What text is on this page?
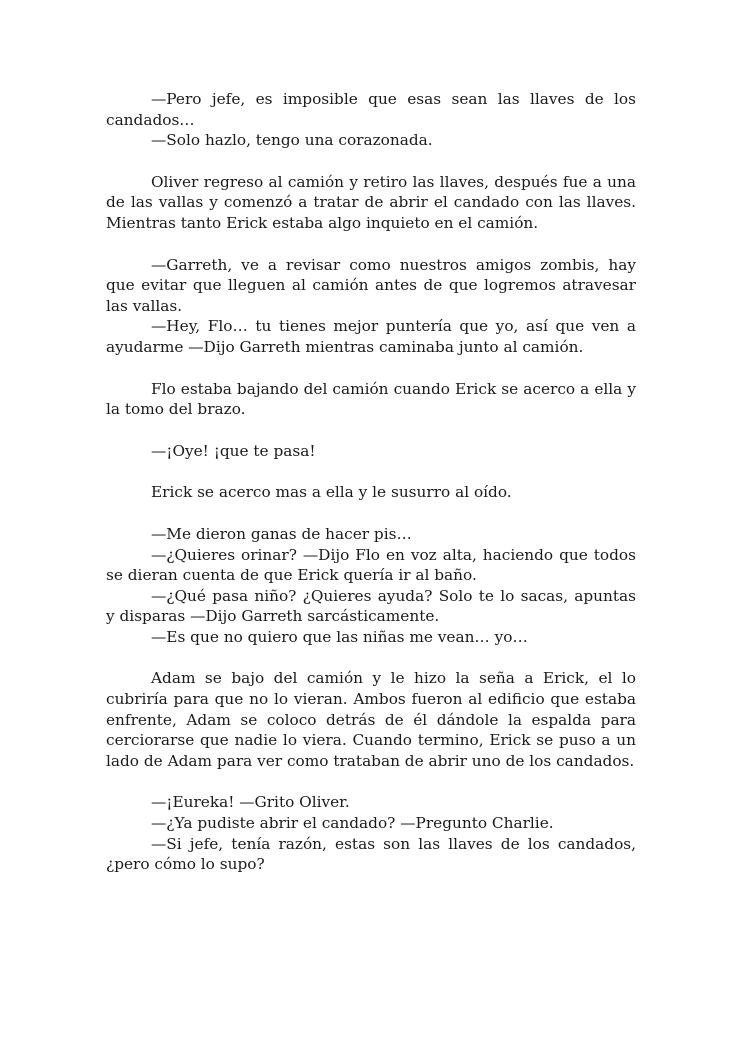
—Pero jefe, es imposible que esas sean las llaves de los candados…

—Solo hazlo, tengo una corazonada.

Oliver regreso al camión y retiro las llaves, después fue a una de las vallas y comenzó a tratar de abrir el candado con las llaves. Mientras tanto Erick estaba algo inquieto en el camión.

—Garreth, ve a revisar como nuestros amigos zombis, hay que evitar que lleguen al camión antes de que logremos atravesar las vallas.

—Hey, Flo… tu tienes mejor puntería que yo, así que ven a ayudarme —Dijo Garreth mientras caminaba junto al camión.

Flo estaba bajando del camión cuando Erick se acerco a ella y la tomo del brazo.

—¡Oye! ¡que te pasa!

Erick se acerco mas a ella y le susurro al oído.

—Me dieron ganas de hacer pis…

—¿Quieres orinar? —Dijo Flo en voz alta, haciendo que todos se dieran cuenta de que Erick quería ir al baño.

—¿Qué pasa niño? ¿Quieres ayuda? Solo te lo sacas, apuntas y disparas —Dijo Garreth sarcásticamente.

—Es que no quiero que las niñas me vean… yo…

Adam se bajo del camión y le hizo la seña a Erick, el lo cubriría para que no lo vieran. Ambos fueron al edificio que estaba enfrente, Adam se coloco detrás de él dándole la espalda para cerciorarse que nadie lo viera. Cuando termino, Erick se puso a un lado de Adam para ver como trataban de abrir uno de los candados.

—¡Eureka! —Grito Oliver.

—¿Ya pudiste abrir el candado? —Pregunto Charlie.

—Si jefe, tenía razón, estas son las llaves de los candados, ¿pero cómo lo supo?
